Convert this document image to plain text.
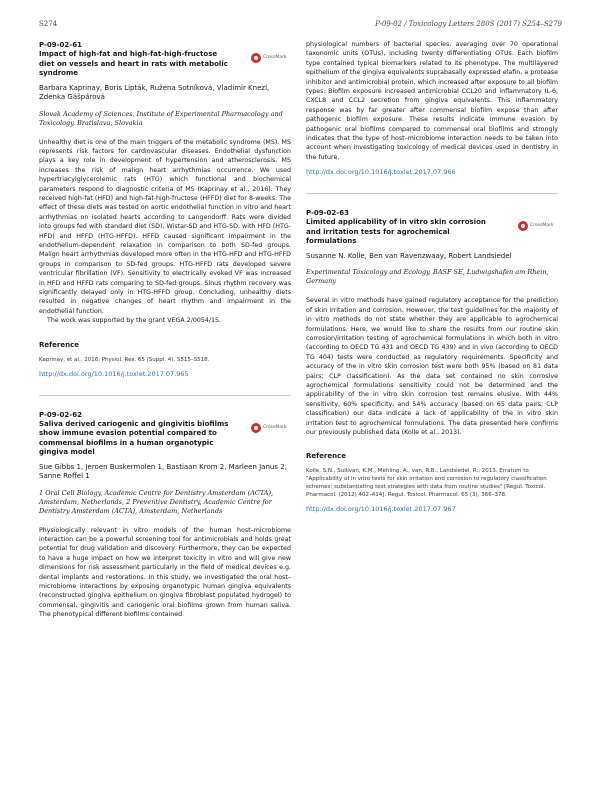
S274	P-09-02 / Toxicology Letters 280S (2017) S254–S279
P-09-02-61
Impact of high-fat and high-fat-high-fructose diet on vessels and heart in rats with metabolic syndrome
CrossMark
Barbara Kaprinay, Boris Lipták, Ružena Sotníková, Vladimír Knezl, Zdenka Gášpárová
Slovak Academy of Sciences, Institute of Experimental Pharmacology and Toxicology, Bratislava, Slovakia

Unhealthy diet is one of the main triggers of the metabolic syndrome (MS). MS represents risk factors for cardiovascular diseases. Endothelial dysfunction plays a key role in development of hypertension and atherosclerosis. MS increases the risk of malign heart arrhythmias occurrence. We used hypertriacylglycerolemic rats (HTG) which functional and biochemical parameters respond to diagnostic criteria of MS (Kaprinay et al., 2016). They received high-fat (HFD) and high-fat-high-fructose (HFFD) diet for 8-weeks. The effect of these diets was tested on aortic endothelial function in vitro and heart arrhythmias on isolated hearts according to Langendorff. Rats were divided into groups fed with standard diet (SD), Wistar-SD and HTG-SD, with HFD (HTG-HFD) and HFFD (HTG-HFFD). HFFD caused significant impairment in the endothelium-dependent relaxation in comparison to both SD-fed groups. Malign heart arrhythmias developed more often in the HTG-HFD and HTG-HFFD groups in comparison to SD-fed groups. HTG-HFFD rats developed severe ventricular fibrillation (VF). Sensitivity to electrically evoked VF was increased in HFD and HFFD rats comparing to SD-fed groups. Sinus rhythm recovery was significantly delayed only in HTG-HFFD group. Concluding, unhealthy diets resulted in negative changes of heart rhythm and impairment in the endothelial function.

The work was supported by the grant VEGA 2/0054/15.

Reference
Kaprinay, et al., 2016. Physiol. Res. 65 (Suppl. 4), S515–S518.
http://dx.doi.org/10.1016/j.toxlet.2017.07.965
P-09-02-62
Saliva derived cariogenic and gingivitis biofilms show immune evasion potential compared to commensal biofilms in a human organotypic gingiva model
CrossMark
Sue Gibbs 1, Jeroen Buskermolen 1, Bastiaan Krom 2, Marleen Janus 2, Sanne Roffel 1
1 Oral Cell Biology, Academic Centre for Dentistry Amsterdam (ACTA), Amsterdam, Netherlands, 2 Preventive Dentistry, Academic Centre for Dentistry Amsterdam (ACTA), Amsterdam, Netherlands

Physiologically relevant in vitro models of the human host–microbiome interaction can be a powerful screening tool for antimicrobials and holds great potential for drug validation and discovery. Furthermore, they can be expected to have a huge impact on how we interpret toxicity in vitro and will give new dimensions for risk assessment particularly in the field of medical devices e.g. dental implants and restorations. In this study, we investigated the oral host–microbiome interactions by exposing organotypic human gingiva equivalents (reconstructed gingiva epithelium on gingiva fibroblast populated hydrogel) to commensal, gingivitis and cariogenic oral biofilms grown from human saliva. The phenotypical different biofilms contained

physiological numbers of bacterial species, averaging over 70 operational taxonomic units (OTUs), including twenty differentiating OTUs. Each biofilm type contained typical biomarkers related to its phenotype. The multilayered epithelium of the gingiva equivalents suprabasally expressed elafin, a protease inhibitor and antimicrobial protein, which increased after exposure to all biofilm types. Biofilm exposure increased antimicrobial CCL20 and inflammatory IL-6, CXCL8 and CCL2 secretion from gingiva equivalents. This inflammatory response was by far greater after commensal biofilm expose than after pathogenic biofilm exposure. These results indicate immune evasion by pathogenic oral biofilms compared to commensal oral biofilms and strongly indicates that the type of host–microbiome interaction needs to be taken into account when investigating toxicology of medical devices used in dentistry in the future.

http://dx.doi.org/10.1016/j.toxlet.2017.07.966
P-09-02-63
Limited applicability of in vitro skin corrosion and irritation tests for agrochemical formulations
CrossMark
Susanne N. Kolle, Ben van Ravenzwaay, Robert Landsiedel
Experimental Toxicology and Ecology, BASF SE, Ludwigshafen am Rhein, Germany

Several in vitro methods have gained regulatory acceptance for the prediction of skin irritation and corrosion. However, the test guidelines for the majority of in vitro methods do not state whether they are applicable to agrochemical formulations. Here, we would like to share the results from our routine skin corrosion/irritation testing of agrochemical formulations in which both in vitro (according to OECD TG 431 and OECD TG 439) and in vivo (according to OECD TG 404) tests were conducted as regulatory requirements. Specificity and accuracy of the in vitro skin corrosion test were both 95% (based on 81 data pairs; CLP classification). As the data set contained no skin corrosive agrochemical formulations sensitivity could not be determined and the applicability of the in vitro skin corrosion test remains elusive. With 44% sensitivity, 60% specificity, and 54% accuracy (based on 65 data pairs; CLP classification) our data indicate a lack of applicability of the in vitro skin irritation test to agrochemical formulations. The data presented here confirms our previously published data (Kolle et al., 2013).

Reference
Kolle, S.N., Sullivan, K.M., Mehling, A., van, R.B., Landsiedel, R., 2013. Erratum to "Applicability of in vitro tests for skin irritation and corrosion to regulatory classification schemes: substantiating test strategies with data from routine studies" [Regul. Toxicol. Pharmacol. (2012) 402–414]. Regul. Toxicol. Pharmacol. 65 (3), 366–378.
http://dx.doi.org/10.1016/j.toxlet.2017.07.967
